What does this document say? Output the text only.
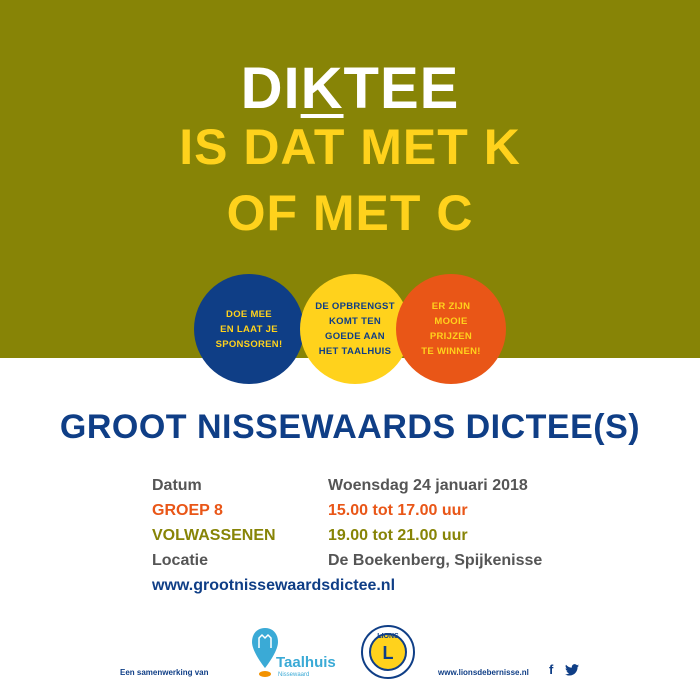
DIKTEE
IS DAT MET K
OF MET C
DOE MEE
EN LAAT JE
SPONSOREN!
DE OPBRENGST
KOMT TEN
GOEDE AAN
HET TAALHUIS
ER ZIJN
MOOIE
PRIJZEN
TE WINNEN!
GROOT NISSEWAARDS DICTEE(S)
Datum	Woensdag 24 januari 2018
GROEP 8	15.00 tot 17.00 uur
VOLWASSENEN	19.00 tot 21.00 uur
Locatie	De Boekenberg, Spijkenisse
www.grootnissewaardsdictee.nl
Een samenwerking van
Taalhuis
Nissewaard
LIONS
L
www.lionsdebernisse.nl f
